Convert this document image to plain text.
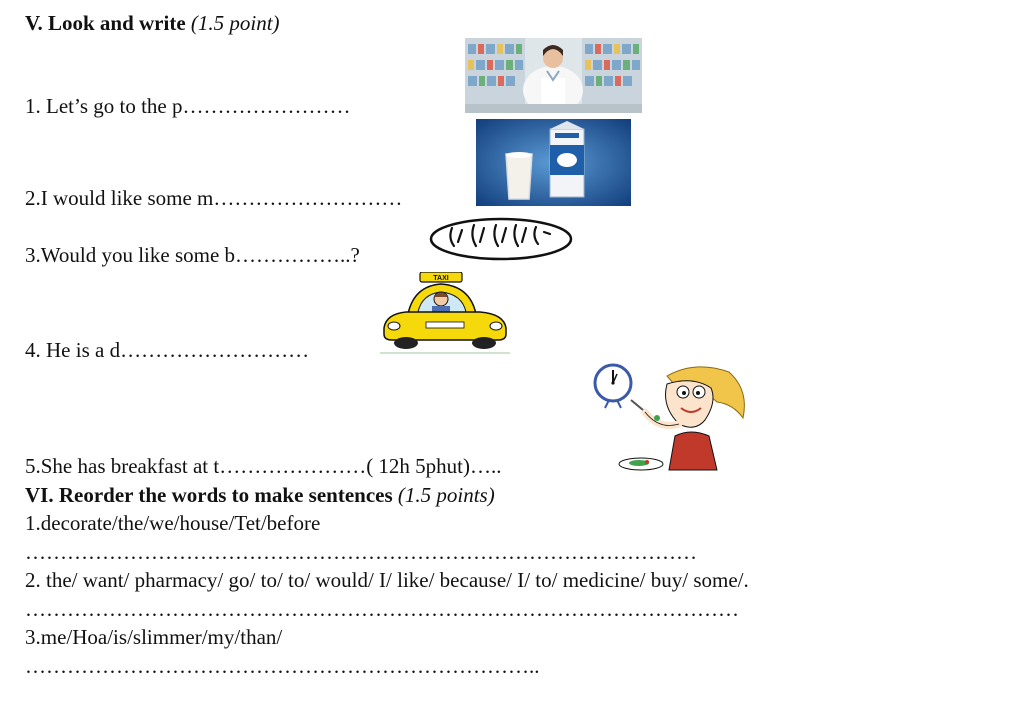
V. Look and write (1.5 point)
1. Let’s go to the p……………………
2.I would like some m………………………
3.Would you like some b……………..?
4. He is a d………………………
TAXI
5.She has breakfast at t…………………( 12h 5phut)…..
VI. Reorder the words to make sentences (1.5 points)
1.decorate/the/we/house/Tet/before
……………………………………………………………………………………
2. the/ want/ pharmacy/ go/ to/ to/ would/ I/ like/ because/ I/ to/ medicine/ buy/ some/.
…………………………………………………………………………………………
3.me/Hoa/is/slimmer/my/than/
………………………………………………………………..
